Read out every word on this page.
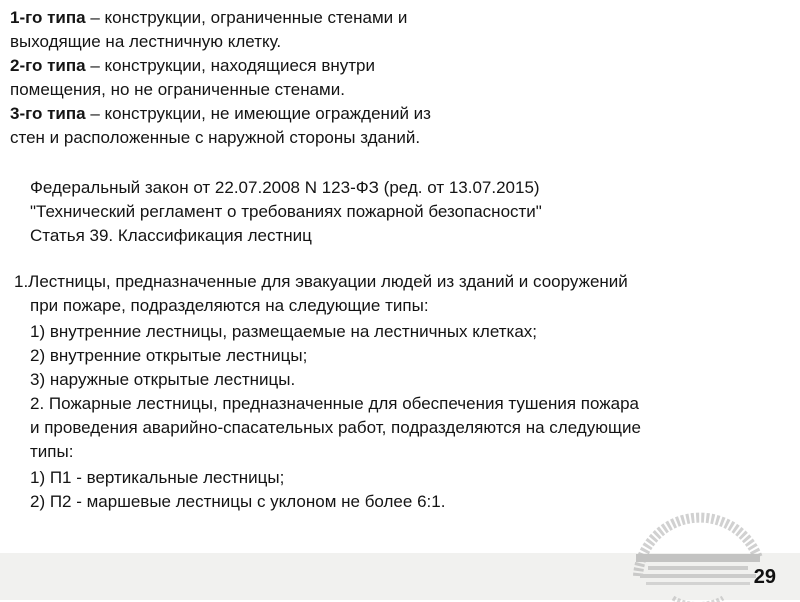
1-го типа – конструкции, ограниченные стенами и
выходящие на лестничную клетку.
2-го типа – конструкции, находящиеся внутри
помещения, но не ограниченные стенами.
3-го типа – конструкции, не имеющие ограждений из
стен и расположенные с наружной стороны зданий.
Федеральный закон от 22.07.2008 N 123-ФЗ (ред. от 13.07.2015)
"Технический регламент о требованиях пожарной безопасности"
Статья 39. Классификация лестниц
1.Лестницы, предназначенные для эвакуации людей из зданий и сооружений
при пожаре, подразделяются на следующие типы:
1) внутренние лестницы, размещаемые на лестничных клетках;
2) внутренние открытые лестницы;
3) наружные открытые лестницы.
2. Пожарные лестницы, предназначенные для обеспечения тушения пожара
и проведения аварийно-спасательных работ, подразделяются на следующие
типы:
1) П1 - вертикальные лестницы;
2) П2 - маршевые лестницы с уклоном не более 6:1.
29
